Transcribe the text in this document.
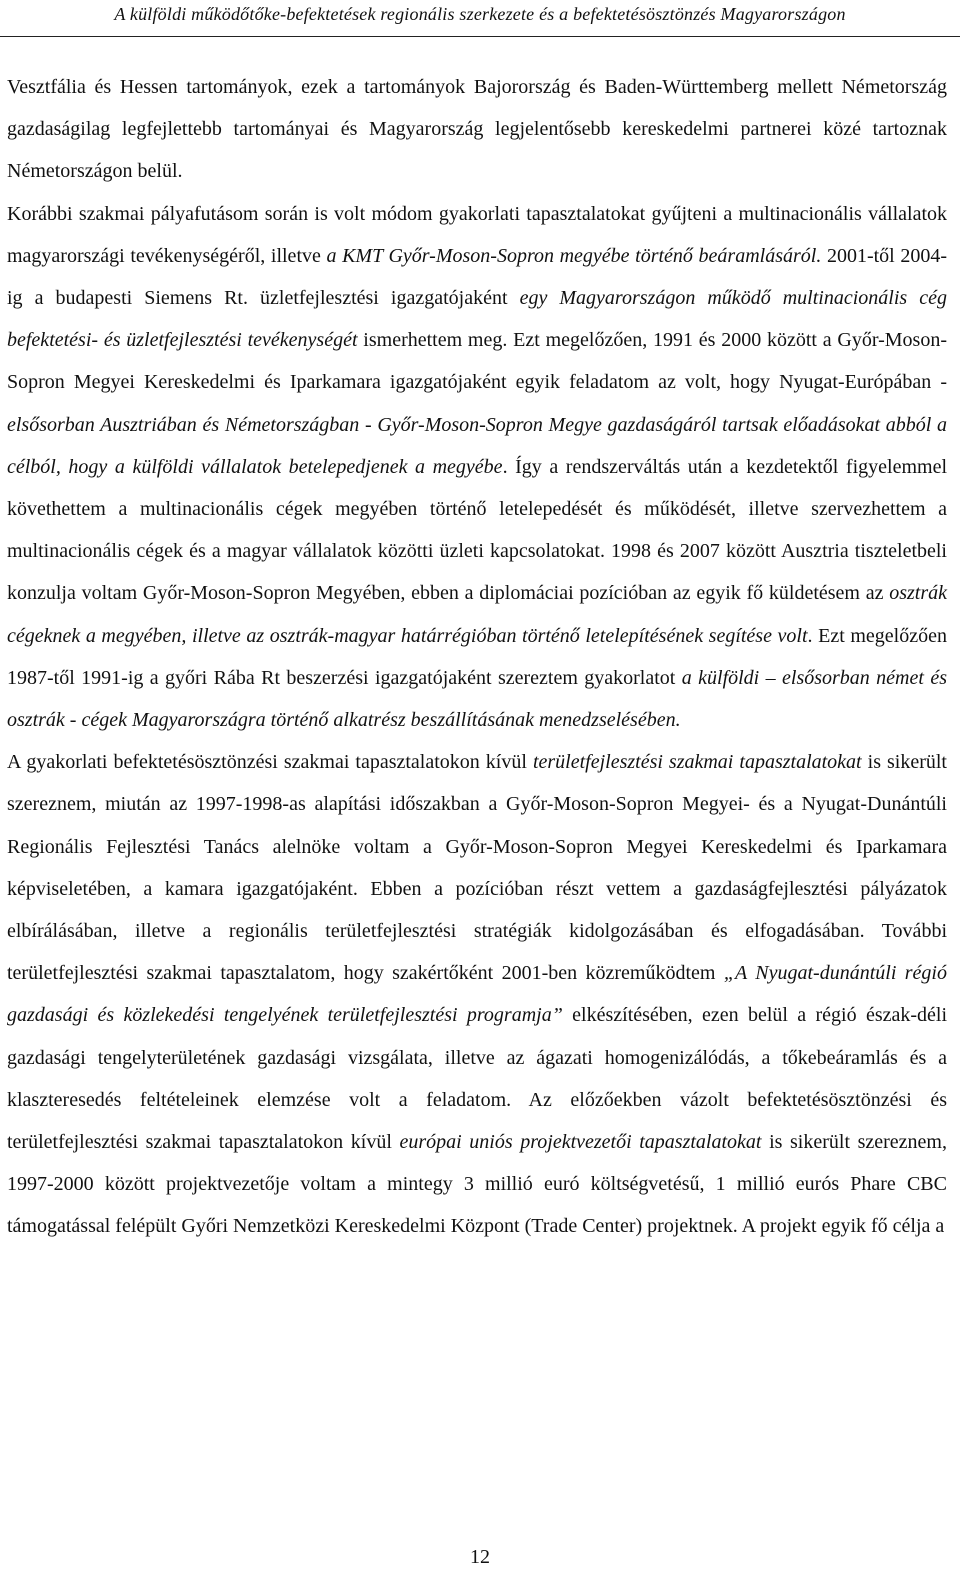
A külföldi működőtőke-befektetések regionális szerkezete és a befektetésösztönzés Magyarországon

Vesztfália és Hessen tartományok, ezek a tartományok Bajorország és Baden-Württemberg mellett Németország gazdaságilag legfejlettebb tartományai és Magyarország legjelentősebb kereskedelmi partnerei közé tartoznak Németországon belül.

Korábbi szakmai pályafutásom során is volt módom gyakorlati tapasztalatokat gyűjteni a multinacionális vállalatok magyarországi tevékenységéről, illetve a KMT Győr-Moson-Sopron megyébe történő beáramlásáról. 2001-től 2004-ig a budapesti Siemens Rt. üzletfejlesztési igazgatójaként egy Magyarországon működő multinacionális cég befektetési- és üzletfejlesztési tevékenységét ismerhettem meg. Ezt megelőzően, 1991 és 2000 között a Győr-Moson-Sopron Megyei Kereskedelmi és Iparkamara igazgatójaként egyik feladatom az volt, hogy Nyugat-Európában - elsősorban Ausztriában és Németországban - Győr-Moson-Sopron Megye gazdaságáról tartsak előadásokat abból a célból, hogy a külföldi vállalatok betelepedjenek a megyébe. Így a rendszerváltás után a kezdetektől figyelemmel követhettem a multinacionális cégek megyében történő letelepedését és működését, illetve szervezhettem a multinacionális cégek és a magyar vállalatok közötti üzleti kapcsolatokat. 1998 és 2007 között Ausztria tiszteletbeli konzulja voltam Győr-Moson-Sopron Megyében, ebben a diplomáciai pozícióban az egyik fő küldetésem az osztrák cégeknek a megyében, illetve az osztrák-magyar határrégióban történő letelepítésének segítése volt. Ezt megelőzően 1987-től 1991-ig a győri Rába Rt beszerzési igazgatójaként szereztem gyakorlatot a külföldi – elsősorban német és osztrák - cégek Magyarországra történő alkatrész beszállításának menedzselésében.

A gyakorlati befektetésösztönzési szakmai tapasztalatokon kívül területfejlesztési szakmai tapasztalatokat is sikerült szereznem, miután az 1997-1998-as alapítási időszakban a Győr-Moson-Sopron Megyei- és a Nyugat-Dunántúli Regionális Fejlesztési Tanács alelnöke voltam a Győr-Moson-Sopron Megyei Kereskedelmi és Iparkamara képviseletében, a kamara igazgatójaként. Ebben a pozícióban részt vettem a gazdaságfejlesztési pályázatok elbírálásában, illetve a regionális területfejlesztési stratégiák kidolgozásában és elfogadásában. További területfejlesztési szakmai tapasztalatom, hogy szakértőként 2001-ben közreműködtem „A Nyugat-dunántúli régió gazdasági és közlekedési tengelyének területfejlesztési programja” elkészítésében, ezen belül a régió észak-déli gazdasági tengelyterületének gazdasági vizsgálata, illetve az ágazati homogenizálódás, a tőkebeáramlás és a klaszteresedés feltételeinek elemzése volt a feladatom. Az előzőekben vázolt befektetésösztönzési és területfejlesztési szakmai tapasztalatokon kívül európai uniós projektvezetői tapasztalatokat is sikerült szereznem, 1997-2000 között projektvezetője voltam a mintegy 3 millió euró költségvetésű, 1 millió eurós Phare CBC támogatással felépült Győri Nemzetközi Kereskedelmi Központ (Trade Center) projektnek. A projekt egyik fő célja a

12
